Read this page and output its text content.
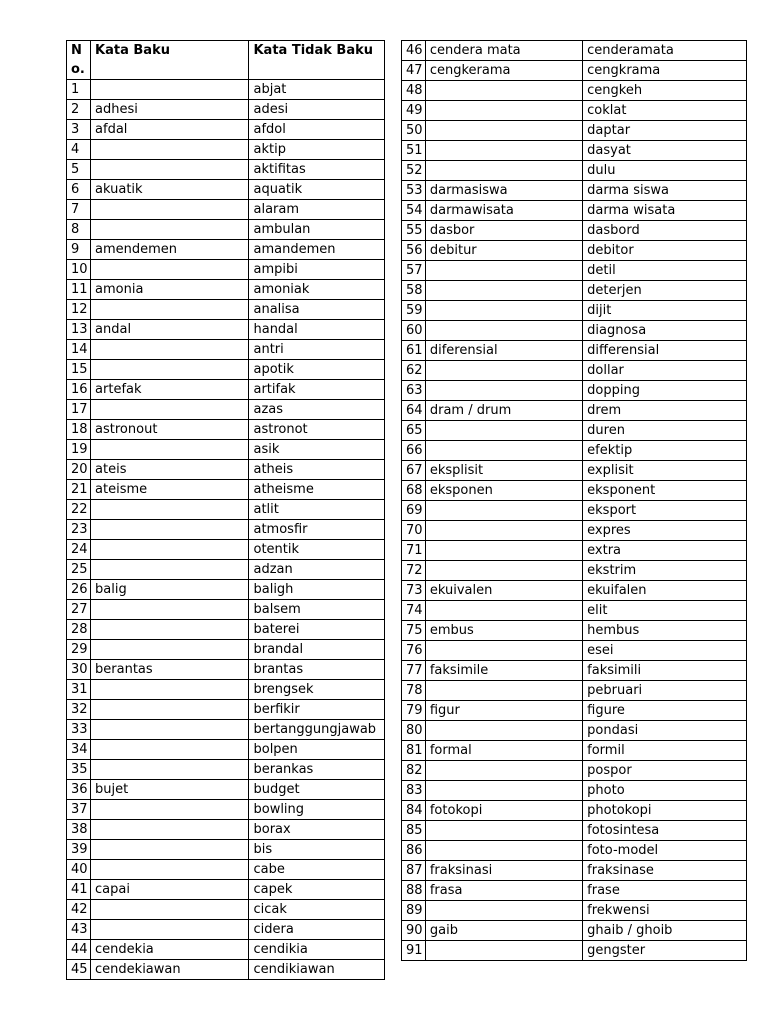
No.	Kata Baku	Kata Tidak Baku
1		abjat
2	adhesi	adesi
3	afdal	afdol
4		aktip
5		aktifitas
6	akuatik	aquatik
7		alaram
8		ambulan
9	amendemen	amandemen
10		ampibi
11	amonia	amoniak
12		analisa
13	andal	handal
14		antri
15		apotik
16	artefak	artifak
17		azas
18	astronout	astronot
19		asik
20	ateis	atheis
21	ateisme	atheisme
22		atlit
23		atmosfir
24		otentik
25		adzan
26	balig	baligh
27		balsem
28		baterei
29		brandal
30	berantas	brantas
31		brengsek
32		berfikir
33		bertanggungjawab
34		bolpen
35		berankas
36	bujet	budget
37		bowling
38		borax
39		bis
40		cabe
41	capai	capek
42		cicak
43		cidera
44	cendekia	cendikia
45	cendekiawan	cendikiawan
46	cendera mata	cenderamata
47	cengkerama	cengkrama
48		cengkeh
49		coklat
50		daptar
51		dasyat
52		dulu
53	darmasiswa	darma siswa
54	darmawisata	darma wisata
55	dasbor	dasbord
56	debitur	debitor
57		detil
58		deterjen
59		dijit
60		diagnosa
61	diferensial	differensial
62		dollar
63		dopping
64	dram / drum	drem
65		duren
66		efektip
67	eksplisit	explisit
68	eksponen	eksponent
69		eksport
70		expres
71		extra
72		ekstrim
73	ekuivalen	ekuifalen
74		elit
75	embus	hembus
76		esei
77	faksimile	faksimili
78		pebruari
79	figur	figure
80		pondasi
81	formal	formil
82		pospor
83		photo
84	fotokopi	photokopi
85		fotosintesa
86		foto-model
87	fraksinasi	fraksinase
88	frasa	frase
89		frekwensi
90	gaib	ghaib / ghoib
91		gengster
